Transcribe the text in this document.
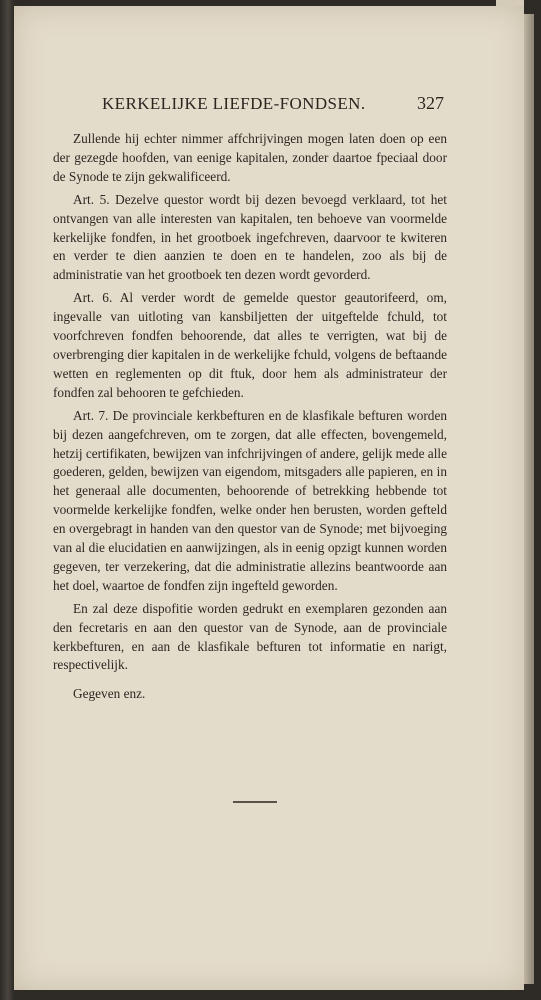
KERKELIJKE LIEFDE-FONDSEN.	327

Zullende hij echter nimmer affchrijvingen mogen laten doen op een der gezegde hoofden, van eenige kapitalen, zonder daartoe fpeciaal door de Synode te zijn gekwalificeerd.

Art. 5. Dezelve questor wordt bij dezen bevoegd verklaard, tot het ontvangen van alle interesten van kapitalen, ten behoeve van voormelde kerkelijke fondfen, in het grootboek ingefchreven, daarvoor te kwiteren en verder te dien aanzien te doen en te handelen, zoo als bij de administratie van het grootboek ten dezen wordt gevorderd.

Art. 6. Al verder wordt de gemelde questor geautorifeerd, om, ingevalle van uitloting van kansbiljetten der uitgeftelde fchuld, tot voorfchreven fondfen behoorende, dat alles te verrigten, wat bij de overbrenging dier kapitalen in de werkelijke fchuld, volgens de beftaande wetten en reglementen op dit ftuk, door hem als administrateur der fondfen zal behooren te gefchieden.

Art. 7. De provinciale kerkbefturen en de klasfikale befturen worden bij dezen aangefchreven, om te zorgen, dat alle effecten, bovengemeld, hetzij certifikaten, bewijzen van infchrijvingen of andere, gelijk mede alle goederen, gelden, bewijzen van eigendom, mitsgaders alle papieren, en in het generaal alle documenten, behoorende of betrekking hebbende tot voormelde kerkelijke fondfen, welke onder hen berusten, worden gefteld en overgebragt in handen van den questor van de Synode; met bijvoeging van al die elucidatien en aanwijzingen, als in eenig opzigt kunnen worden gegeven, ter verzekering, dat die administratie allezins beantwoorde aan het doel, waartoe de fondfen zijn ingefteld geworden.

En zal deze dispofitie worden gedrukt en exemplaren gezonden aan den fecretaris en aan den questor van de Synode, aan de provinciale kerkbefturen, en aan de klasfikale befturen tot informatie en narigt, respectivelijk.

Gegeven enz.
